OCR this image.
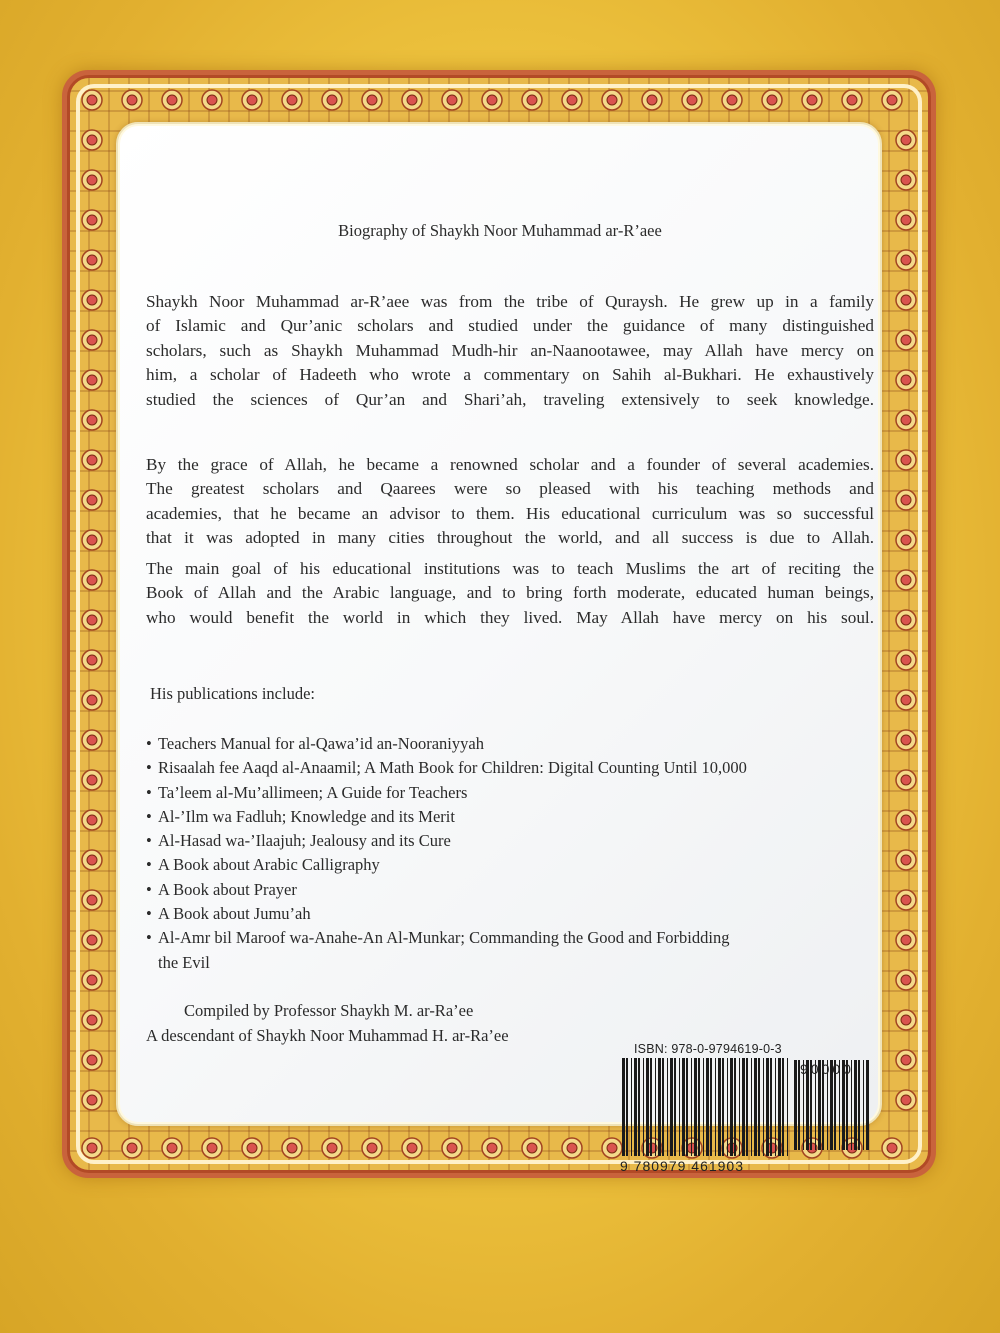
Biography of Shaykh Noor Muhammad ar-R’aee
Shaykh Noor Muhammad ar-R’aee was from the tribe of Quraysh. He grew up in a family
of Islamic and Qur’anic scholars and studied under the guidance of many distinguished
scholars, such as Shaykh Muhammad Mudh-hir an-Naanootawee, may Allah have mercy on
him, a scholar of Hadeeth who wrote a commentary on Sahih al-Bukhari. He exhaustively
studied the sciences of Qur’an and Shari’ah, traveling extensively to seek knowledge.
By the grace of Allah, he became a renowned scholar and a founder of several academies.
The greatest scholars and Qaarees were so pleased with his teaching methods and
academies, that he became an advisor to them. His educational curriculum was so successful
that it was adopted in many cities throughout the world, and all success is due to Allah.
The main goal of his educational institutions was to teach Muslims the art of reciting the
Book of Allah and the Arabic language, and to bring forth moderate, educated human beings,
who would benefit the world in which they lived. May Allah have mercy on his soul.
His publications include:
• Teachers Manual for al-Qawa’id an-Nooraniyyah
• Risaalah fee Aaqd al-Anaamil; A Math Book for Children: Digital Counting Until 10,000
• Ta’leem al-Mu’allimeen; A Guide for Teachers
• Al-’Ilm wa Fadluh; Knowledge and its Merit
• Al-Hasad wa-’Ilaajuh; Jealousy and its Cure
• A Book about Arabic Calligraphy
• A Book about Prayer
• A Book about Jumu’ah
• Al-Amr bil Maroof wa-Anahe-An Al-Munkar; Commanding the Good and Forbidding
the Evil
Compiled by Professor Shaykh M. ar-Ra’ee
A descendant of Shaykh Noor Muhammad H. ar-Ra’ee
ISBN: 978-0-9794619-0-3
9 780979 461903
90000
